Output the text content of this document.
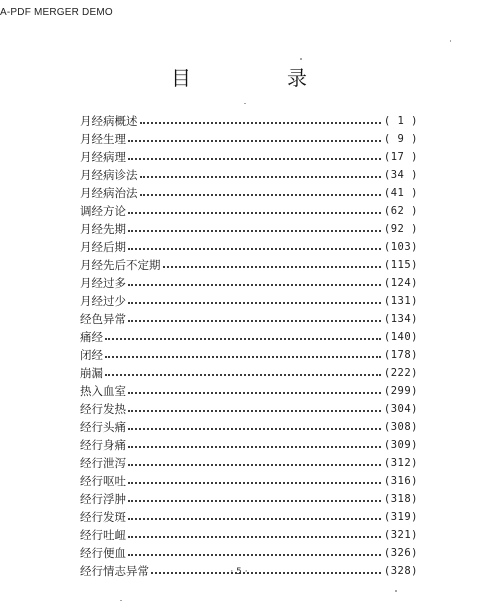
A-PDF MERGER DEMO
目　录
月经病概述	( 1 )
月经生理	( 9 )
月经病理	(17 )
月经病诊法	(34 )
月经病治法	(41 )
调经方论	(62 )
月经先期	(92 )
月经后期	(103)
月经先后不定期	(115)
月经过多	(124)
月经过少	(131)
经色异常	(134)
痛经	(140)
闭经	(178)
崩漏	(222)
热入血室	(299)
经行发热	(304)
经行头痛	(308)
经行身痛	(309)
经行泄泻	(312)
经行呕吐	(316)
经行浮肿	(318)
经行发斑	(319)
经行吐衄	(321)
经行便血	(326)
经行情志异常	(328)
· 5 ·
